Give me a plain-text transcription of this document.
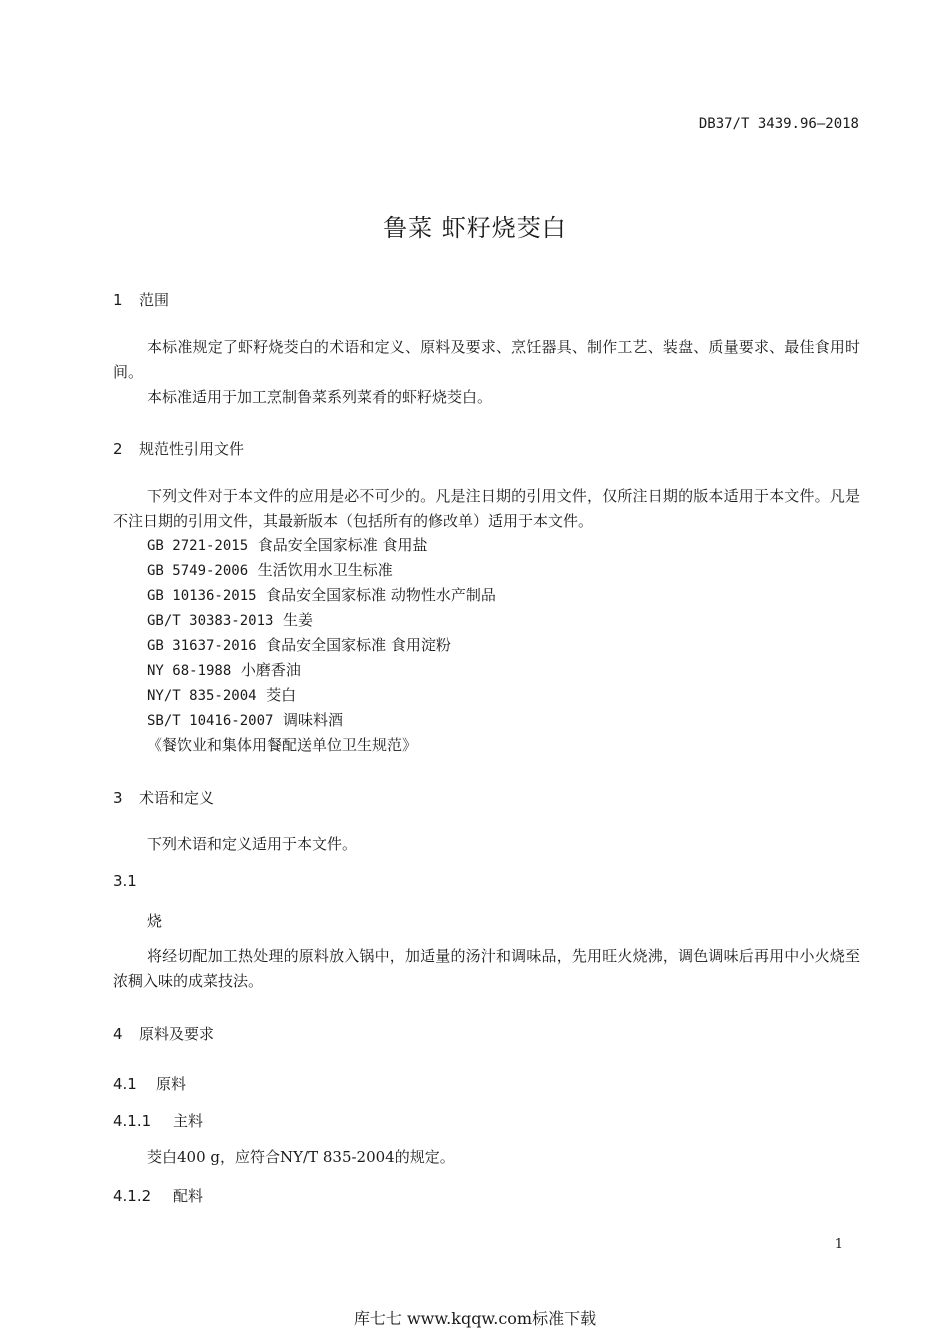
DB37/T 3439.96—2018
鲁菜 虾籽烧茭白
1 范围
本标准规定了虾籽烧茭白的术语和定义、原料及要求、烹饪器具、制作工艺、装盘、质量要求、最佳食用时间。
本标准适用于加工烹制鲁菜系列菜肴的虾籽烧茭白。
2 规范性引用文件
下列文件对于本文件的应用是必不可少的。凡是注日期的引用文件，仅所注日期的版本适用于本文件。凡是不注日期的引用文件，其最新版本（包括所有的修改单）适用于本文件。
GB 2721-2015 食品安全国家标准 食用盐
GB 5749-2006 生活饮用水卫生标准
GB 10136-2015 食品安全国家标准 动物性水产制品
GB/T 30383-2013 生姜
GB 31637-2016 食品安全国家标准 食用淀粉
NY 68-1988 小磨香油
NY/T 835-2004 茭白
SB/T 10416-2007 调味料酒
《餐饮业和集体用餐配送单位卫生规范》
3 术语和定义
下列术语和定义适用于本文件。
3.1
烧
将经切配加工热处理的原料放入锅中，加适量的汤汁和调味品，先用旺火烧沸，调色调味后再用中小火烧至浓稠入味的成菜技法。
4 原料及要求
4.1 原料
4.1.1 主料
茭白400 g，应符合NY/T 835-2004的规定。
4.1.2 配料
1
库七七 www.kqqw.com标准下载
